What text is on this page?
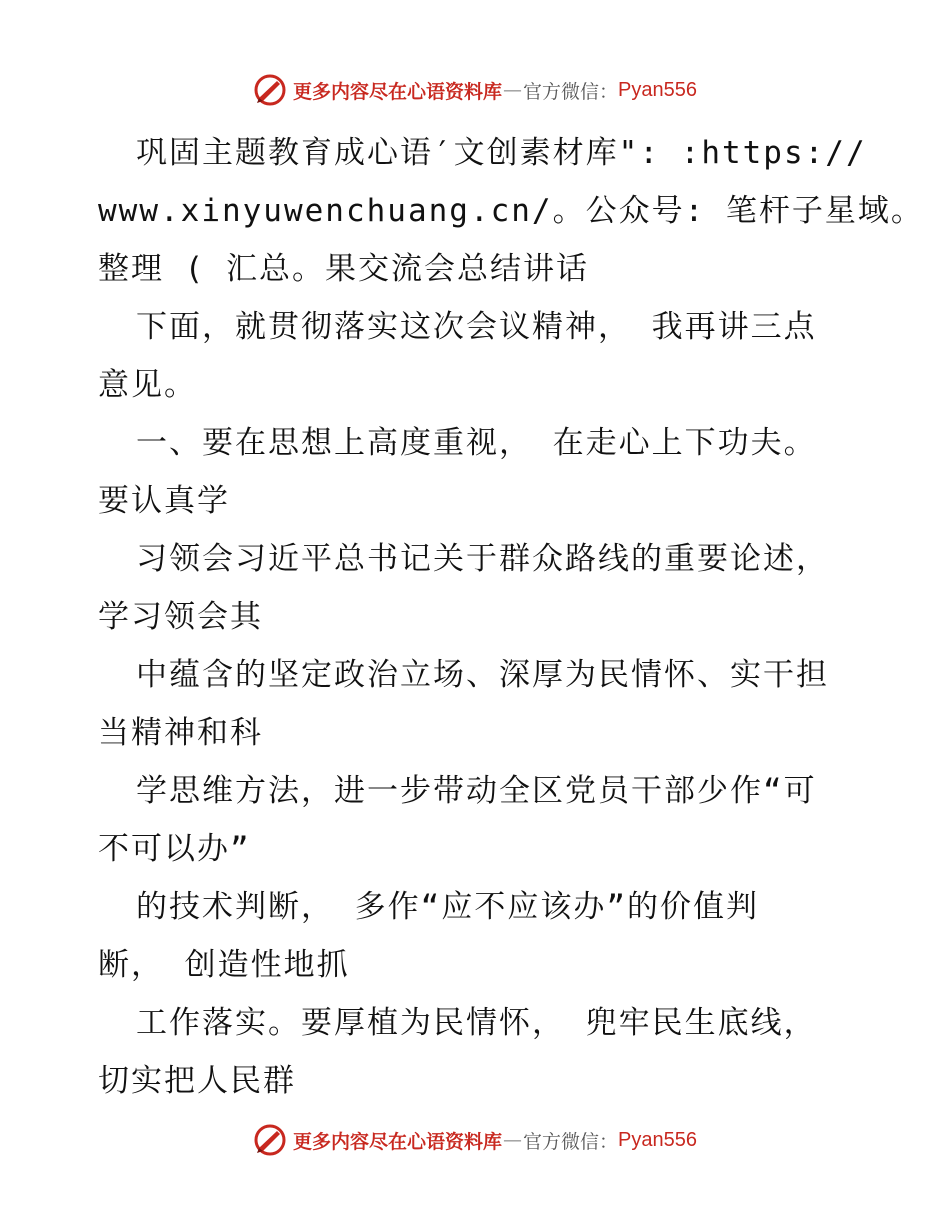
更多内容尽在心语资料库 — 官方微信： Pyan556
巩固主题教育成心语′文创素材库": :https://
www.xinyuwenchuang.cn/。公众号: 笔杆子星域。
整理 ( 汇总。果交流会总结讲话
下面，就贯彻落实这次会议精神， 我再讲三点
意见。
一、要在思想上高度重视， 在走心上下功夫。
要认真学
习领会习近平总书记关于群众路线的重要论述，
学习领会其
中蕴含的坚定政治立场、深厚为民情怀、实干担
当精神和科
学思维方法，进一步带动全区党员干部少作“可
不可以办”
的技术判断， 多作“应不应该办”的价值判
断， 创造性地抓
工作落实。要厚植为民情怀， 兜牢民生底线，
切实把人民群
更多内容尽在心语资料库 — 官方微信： Pyan556
